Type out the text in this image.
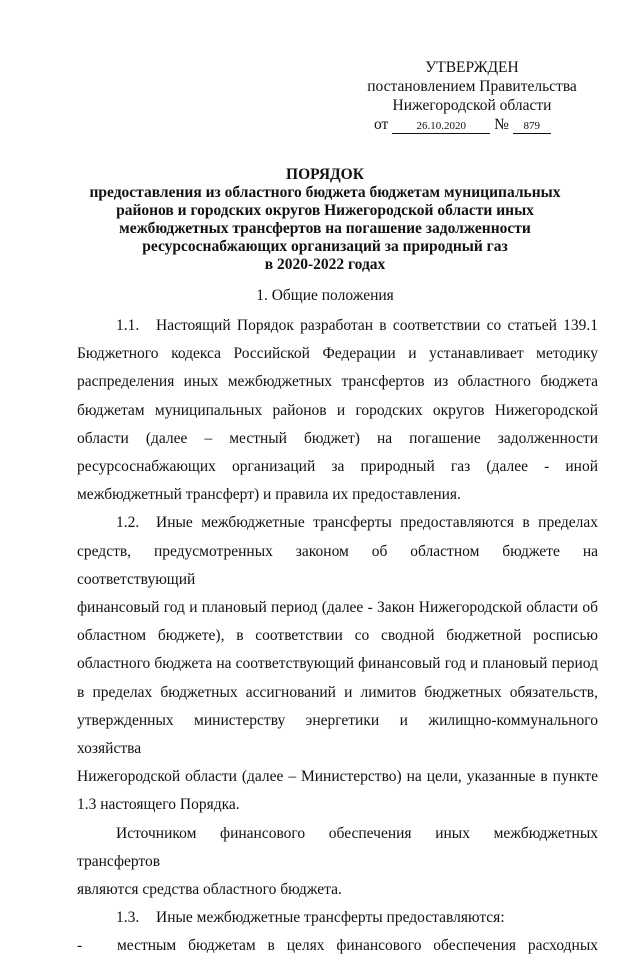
УТВЕРЖДЕН
постановлением Правительства
Нижегородской области
от	26.10.2020 № 879
ПОРЯДОК
предоставления из областного бюджета бюджетам муниципальных
районов и городских округов Нижегородской области иных
межбюджетных трансфертов на погашение задолженности
ресурсоснабжающих организаций за природный газ
в 2020-2022 годах
1. Общие положения

1.1. Настоящий Порядок разработан в соответствии со статьей 139.1

Бюджетного кодекса Российской Федерации и устанавливает методику

распределения иных межбюджетных трансфертов из областного бюджета

бюджетам муниципальных районов и городских округов Нижегородской

области (далее – местный бюджет) на погашение задолженности

ресурсоснабжающих организаций за природный газ (далее - иной

межбюджетный трансферт) и правила их предоставления.

1.2. Иные межбюджетные трансферты предоставляются в пределах

средств, предусмотренных законом об областном бюджете на соответствующий

финансовый год и плановый период (далее - Закон Нижегородской области об

областном бюджете), в соответствии со сводной бюджетной росписью

областного бюджета на соответствующий финансовый год и плановый период

в пределах бюджетных ассигнований и лимитов бюджетных обязательств,

утвержденных министерству энергетики и жилищно-коммунального хозяйства

Нижегородской области (далее – Министерство) на цели, указанные в пункте

1.3 настоящего Порядка.

Источником финансового обеспечения иных межбюджетных трансфертов

являются средства областного бюджета.

1.3. Иные межбюджетные трансферты предоставляются:

-	местным бюджетам в целях финансового обеспечения расходных
